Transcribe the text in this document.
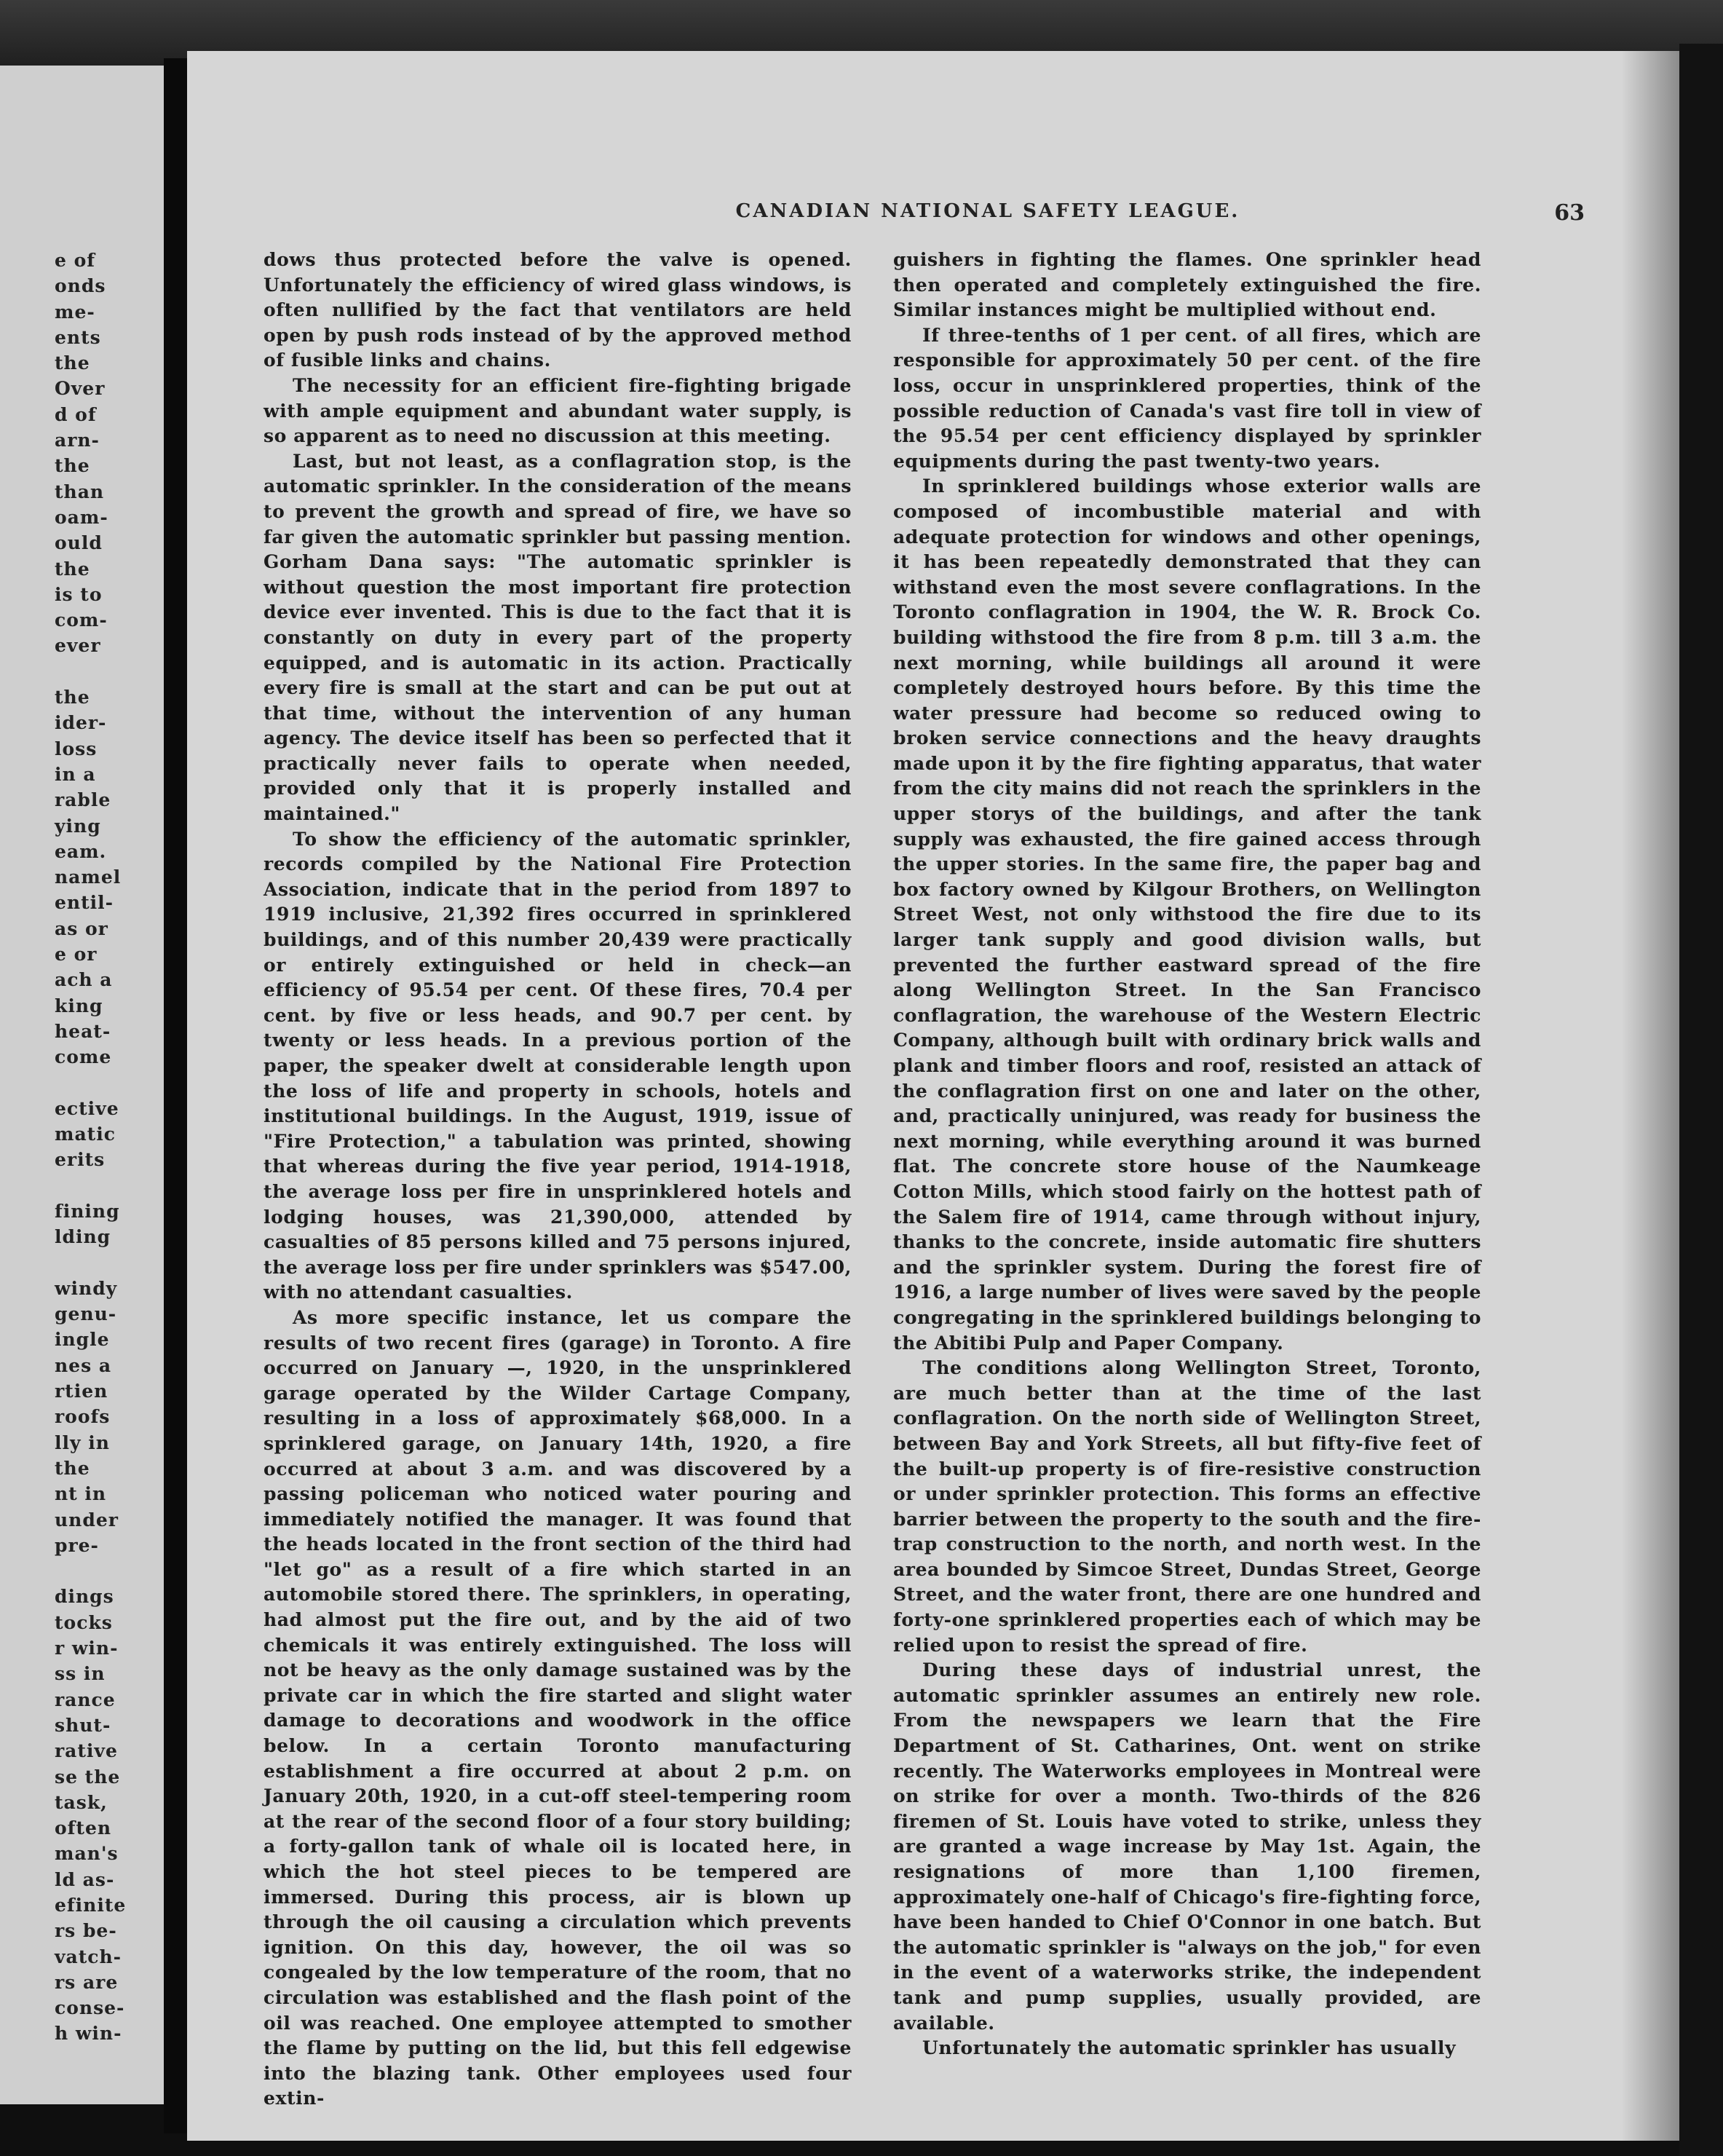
e of
onds
me-
ents
the
Over
d of
arn-
the
than
oam-
ould
the
is to
com-
ever
the
ider-
loss
in a
rable
ying
eam.
namel
entil-
as or
e or
ach a
king
heat-
come
ective
matic
erits
fining
lding
windy
genu-
ingle
nes a
rtien
roofs
lly in
the
nt in
under
pre-
dings
tocks
r win-
ss in
rance
shut-
rative
se the
task,
often
man's
ld as-
efinite
rs be-
vatch-
rs are
conse-
h win-
CANADIAN NATIONAL SAFETY LEAGUE.	63

dows thus protected before the valve is opened. Unfortunately the efficiency of wired glass windows, is often nullified by the fact that ventilators are held open by push rods instead of by the approved method of fusible links and chains.

The necessity for an efficient fire-fighting brigade with ample equipment and abundant water supply, is so apparent as to need no discussion at this meeting.

Last, but not least, as a conflagration stop, is the automatic sprinkler. In the consideration of the means to prevent the growth and spread of fire, we have so far given the automatic sprinkler but passing mention. Gorham Dana says: "The automatic sprinkler is without question the most important fire protection device ever invented. This is due to the fact that it is constantly on duty in every part of the property equipped, and is automatic in its action. Practically every fire is small at the start and can be put out at that time, without the intervention of any human agency. The device itself has been so perfected that it practically never fails to operate when needed, provided only that it is properly installed and maintained."

To show the efficiency of the automatic sprinkler, records compiled by the National Fire Protection Association, indicate that in the period from 1897 to 1919 inclusive, 21,392 fires occurred in sprinklered buildings, and of this number 20,439 were practically or entirely extinguished or held in check—an efficiency of 95.54 per cent. Of these fires, 70.4 per cent. by five or less heads, and 90.7 per cent. by twenty or less heads. In a previous portion of the paper, the speaker dwelt at considerable length upon the loss of life and property in schools, hotels and institutional buildings. In the August, 1919, issue of "Fire Protection," a tabulation was printed, showing that whereas during the five year period, 1914-1918, the average loss per fire in unsprinklered hotels and lodging houses, was 21,390,000, attended by casualties of 85 persons killed and 75 persons injured, the average loss per fire under sprinklers was $547.00, with no attendant casualties.

As more specific instance, let us compare the results of two recent fires (garage) in Toronto. A fire occurred on January —, 1920, in the unsprinklered garage operated by the Wilder Cartage Company, resulting in a loss of approximately $68,000. In a sprinklered garage, on January 14th, 1920, a fire occurred at about 3 a.m. and was discovered by a passing policeman who noticed water pouring and immediately notified the manager. It was found that the heads located in the front section of the third had "let go" as a result of a fire which started in an automobile stored there. The sprinklers, in operating, had almost put the fire out, and by the aid of two chemicals it was entirely extinguished. The loss will not be heavy as the only damage sustained was by the private car in which the fire started and slight water damage to decorations and woodwork in the office below. In a certain Toronto manufacturing establishment a fire occurred at about 2 p.m. on January 20th, 1920, in a cut-off steel-tempering room at the rear of the second floor of a four story building; a forty-gallon tank of whale oil is located here, in which the hot steel pieces to be tempered are immersed. During this process, air is blown up through the oil causing a circulation which prevents ignition. On this day, however, the oil was so congealed by the low temperature of the room, that no circulation was established and the flash point of the oil was reached. One employee attempted to smother the flame by putting on the lid, but this fell edgewise into the blazing tank. Other employees used four extin-

guishers in fighting the flames. One sprinkler head then operated and completely extinguished the fire. Similar instances might be multiplied without end.

If three-tenths of 1 per cent. of all fires, which are responsible for approximately 50 per cent. of the fire loss, occur in unsprinklered properties, think of the possible reduction of Canada's vast fire toll in view of the 95.54 per cent efficiency displayed by sprinkler equipments during the past twenty-two years.

In sprinklered buildings whose exterior walls are composed of incombustible material and with adequate protection for windows and other openings, it has been repeatedly demonstrated that they can withstand even the most severe conflagrations. In the Toronto conflagration in 1904, the W. R. Brock Co. building withstood the fire from 8 p.m. till 3 a.m. the next morning, while buildings all around it were completely destroyed hours before. By this time the water pressure had become so reduced owing to broken service connections and the heavy draughts made upon it by the fire fighting apparatus, that water from the city mains did not reach the sprinklers in the upper storys of the buildings, and after the tank supply was exhausted, the fire gained access through the upper stories. In the same fire, the paper bag and box factory owned by Kilgour Brothers, on Wellington Street West, not only withstood the fire due to its larger tank supply and good division walls, but prevented the further eastward spread of the fire along Wellington Street. In the San Francisco conflagration, the warehouse of the Western Electric Company, although built with ordinary brick walls and plank and timber floors and roof, resisted an attack of the conflagration first on one and later on the other, and, practically uninjured, was ready for business the next morning, while everything around it was burned flat. The concrete store house of the Naumkeage Cotton Mills, which stood fairly on the hottest path of the Salem fire of 1914, came through without injury, thanks to the concrete, inside automatic fire shutters and the sprinkler system. During the forest fire of 1916, a large number of lives were saved by the people congregating in the sprinklered buildings belonging to the Abitibi Pulp and Paper Company.

The conditions along Wellington Street, Toronto, are much better than at the time of the last conflagration. On the north side of Wellington Street, between Bay and York Streets, all but fifty-five feet of the built-up property is of fire-resistive construction or under sprinkler protection. This forms an effective barrier between the property to the south and the fire-trap construction to the north, and north west. In the area bounded by Simcoe Street, Dundas Street, George Street, and the water front, there are one hundred and forty-one sprinklered properties each of which may be relied upon to resist the spread of fire.

During these days of industrial unrest, the automatic sprinkler assumes an entirely new role. From the newspapers we learn that the Fire Department of St. Catharines, Ont. went on strike recently. The Waterworks employees in Montreal were on strike for over a month. Two-thirds of the 826 firemen of St. Louis have voted to strike, unless they are granted a wage increase by May 1st. Again, the resignations of more than 1,100 firemen, approximately one-half of Chicago's fire-fighting force, have been handed to Chief O'Connor in one batch. But the automatic sprinkler is "always on the job," for even in the event of a waterworks strike, the independent tank and pump supplies, usually provided, are available.

Unfortunately the automatic sprinkler has usually
